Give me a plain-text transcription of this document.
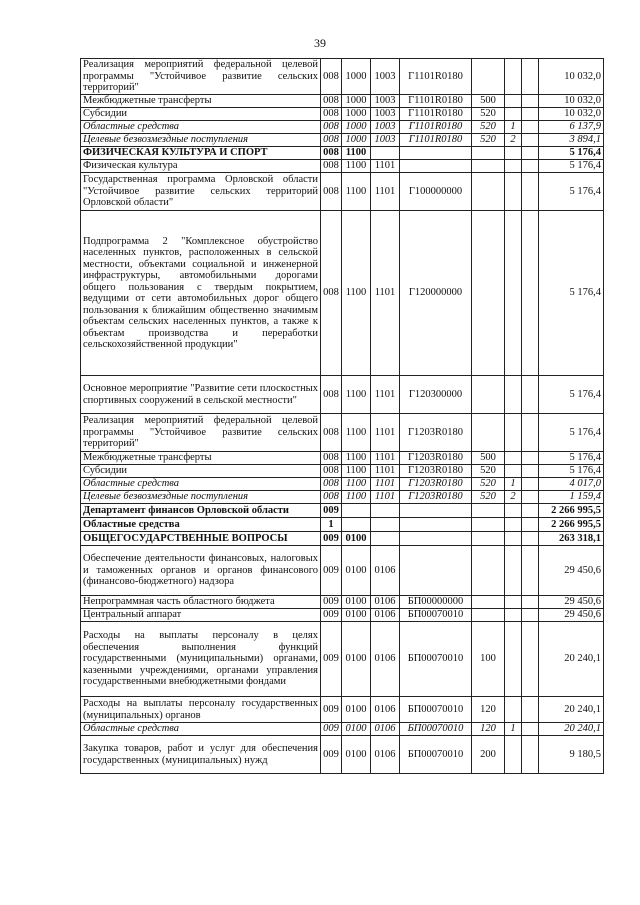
39
Реализация мероприятий федеральной целевой программы "Устойчивое развитие сельских территорий"	008	1000	1003	Г1101R0180				10 032,0
Межбюджетные трансферты	008	1000	1003	Г1101R0180	500			10 032,0
Субсидии	008	1000	1003	Г1101R0180	520			10 032,0
Областные средства	008	1000	1003	Г1101R0180	520	1		6 137,9
Целевые безвозмездные поступления	008	1000	1003	Г1101R0180	520	2		3 894,1
ФИЗИЧЕСКАЯ КУЛЬТУРА И СПОРТ	008	1100						5 176,4
Физическая культура	008	1100	1101					5 176,4
Государственная программа Орловской области "Устойчивое развитие сельских территорий Орловской области"	008	1100	1101	Г100000000				5 176,4
Подпрограмма 2 "Комплексное обустройство населенных пунктов, расположенных в сельской местности, объектами социальной и инженерной инфраструктуры, автомобильными дорогами общего пользования с твердым покрытием, ведущими от сети автомобильных дорог общего пользования к ближайшим общественно значимым объектам сельских населенных пунктов, а также к объектам производства и переработки сельскохозяйственной продукции"	008	1100	1101	Г120000000				5 176,4
Основное мероприятие "Развитие сети плоскостных спортивных сооружений в сельской местности"	008	1100	1101	Г120300000				5 176,4
Реализация мероприятий федеральной целевой программы "Устойчивое развитие сельских территорий"	008	1100	1101	Г1203R0180				5 176,4
Межбюджетные трансферты	008	1100	1101	Г1203R0180	500			5 176,4
Субсидии	008	1100	1101	Г1203R0180	520			5 176,4
Областные средства	008	1100	1101	Г1203R0180	520	1		4 017,0
Целевые безвозмездные поступления	008	1100	1101	Г1203R0180	520	2		1 159,4
Департамент финансов Орловской области	009							2 266 995,5
Областные средства	1							2 266 995,5
ОБЩЕГОСУДАРСТВЕННЫЕ ВОПРОСЫ	009	0100						263 318,1
Обеспечение деятельности финансовых, налоговых и таможенных органов и органов финансового (финансово-бюджетного) надзора	009	0100	0106					29 450,6
Непрограммная часть областного бюджета	009	0100	0106	БП00000000				29 450,6
Центральный аппарат	009	0100	0106	БП00070010				29 450,6
Расходы на выплаты персоналу в целях обеспечения выполнения функций государственными (муниципальными) органами, казенными учреждениями, органами управления государственными внебюджетными фондами	009	0100	0106	БП00070010	100			20 240,1
Расходы на выплаты персоналу государственных (муниципальных) органов	009	0100	0106	БП00070010	120			20 240,1
Областные средства	009	0100	0106	БП00070010	120	1		20 240,1
Закупка товаров, работ и услуг для обеспечения государственных (муниципальных) нужд	009	0100	0106	БП00070010	200			9 180,5
